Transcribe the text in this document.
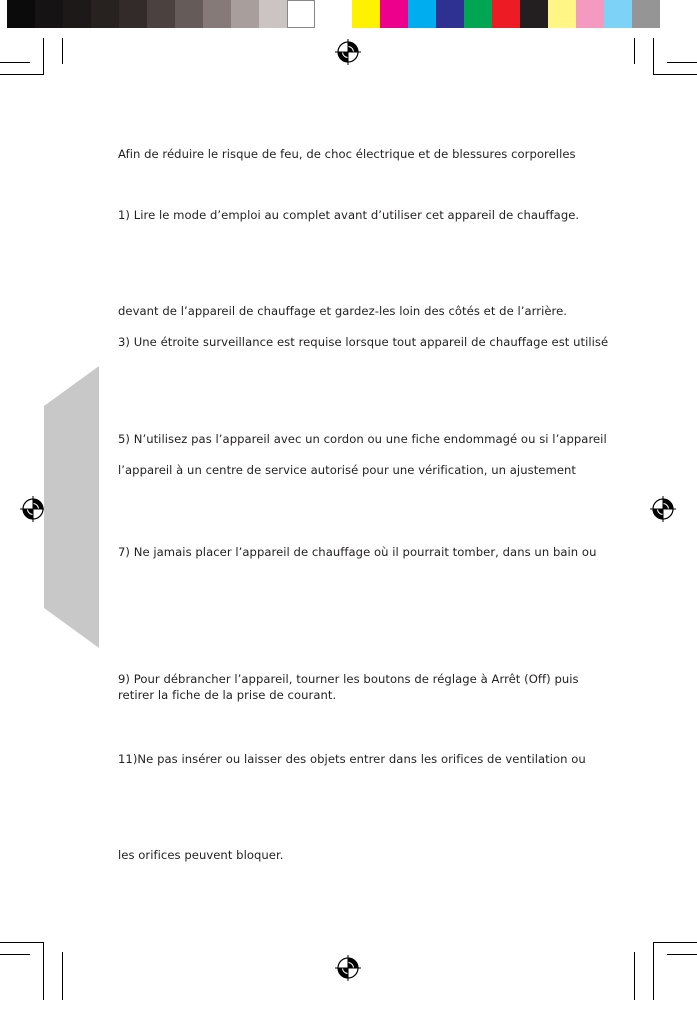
Afin de réduire le risque de feu, de choc électrique et de blessures corporelles
1) Lire le mode d’emploi au complet avant d’utiliser cet appareil de chauffage.
devant de l’appareil de chauffage et gardez-les loin des côtés et de l’arrière.
3) Une étroite surveillance est requise lorsque tout appareil de chauffage est utilisé
5) N’utilisez pas l’appareil avec un cordon ou une fiche endommagé ou si l’appareil
l’appareil à un centre de service autorisé pour une vérification, un ajustement
7) Ne jamais placer l’appareil de chauffage où il pourrait tomber, dans un bain ou
9) Pour débrancher l’appareil, tourner les boutons de réglage à Arrêt (Off) puis
retirer la fiche de la prise de courant.
11)Ne pas insérer ou laisser des objets entrer dans les orifices de ventilation ou
les orifices peuvent bloquer.
